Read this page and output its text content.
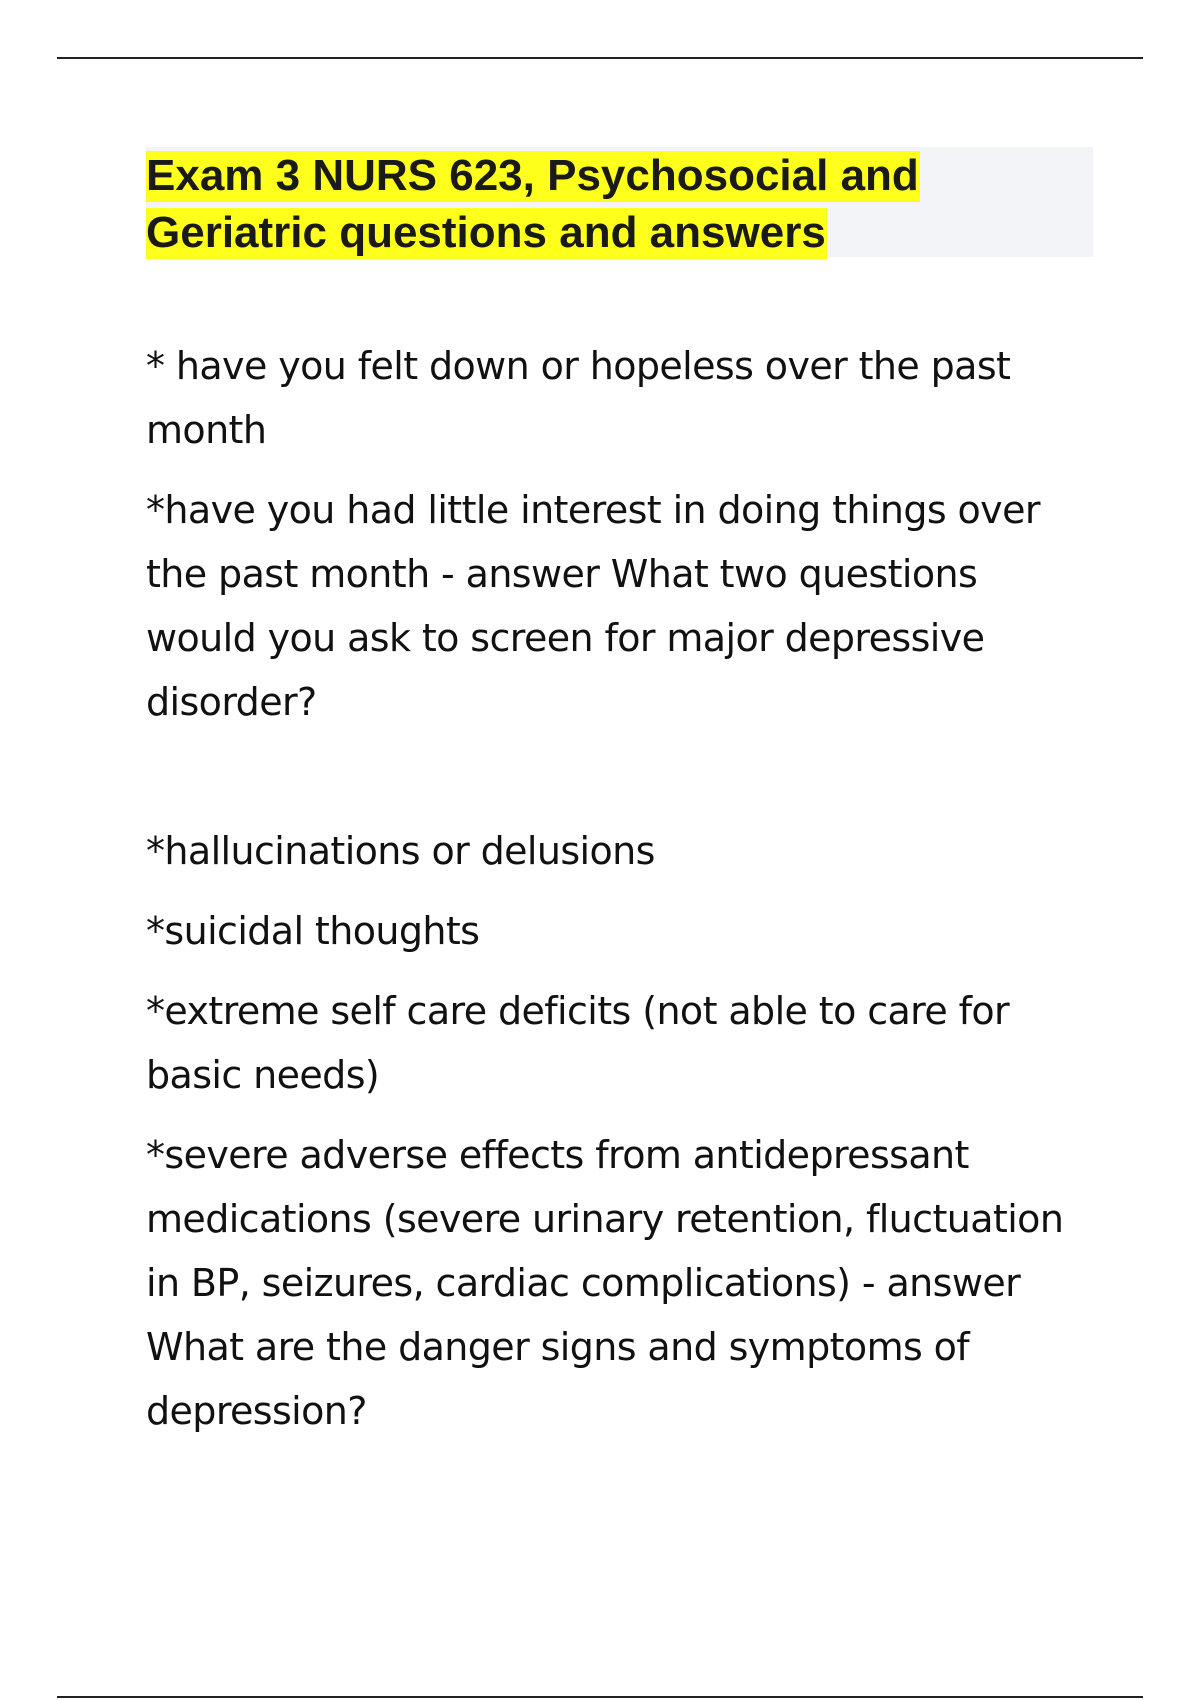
Exam 3 NURS 623, Psychosocial and Geriatric questions and answers

* have you felt down or hopeless over the past month

*have you had little interest in doing things over the past month - answer What two questions would you ask to screen for major depressive disorder?

*hallucinations or delusions

*suicidal thoughts

*extreme self care deficits (not able to care for basic needs)

*severe adverse effects from antidepressant medications (severe urinary retention, fluctuation in BP, seizures, cardiac complications) - answer What are the danger signs and symptoms of depression?
